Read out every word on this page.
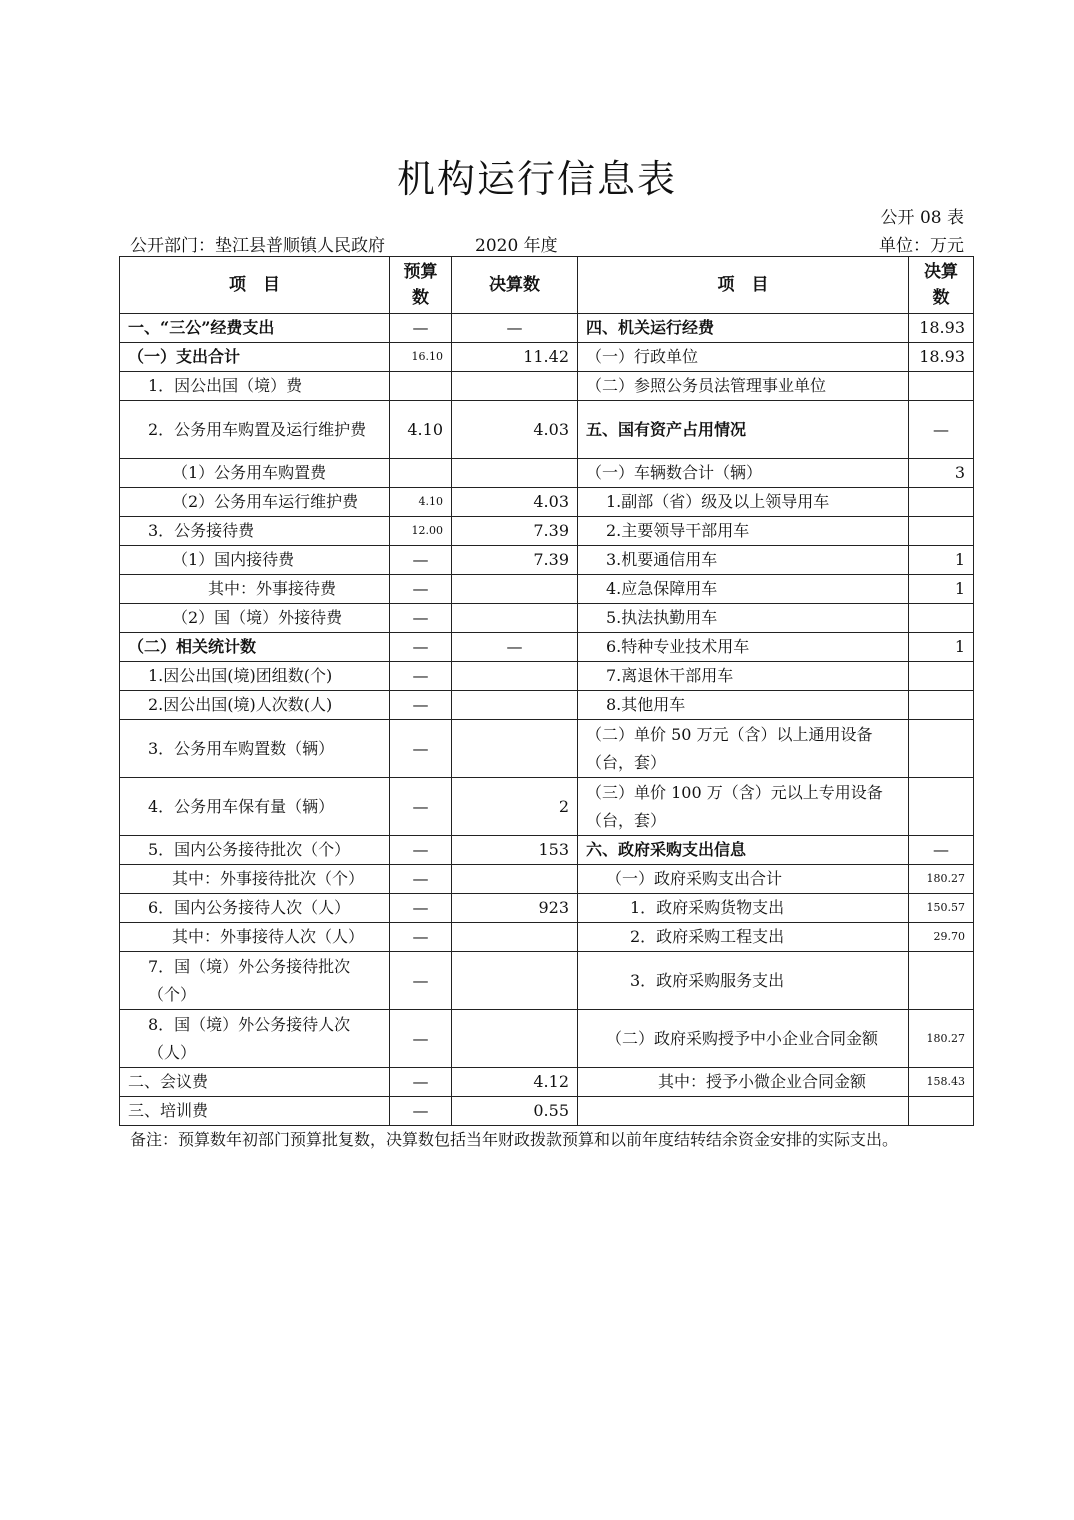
机构运行信息表
公开 08 表
公开部门：垫江县普顺镇人民政府	2020 年度	单位：万元
项　目	预算数	决算数	项　目	决算数
一、“三公”经费支出	—	—	四、机关运行经费	18.93
（一）支出合计	16.10	11.42	（一）行政单位	18.93
1．因公出国（境）费			（二）参照公务员法管理事业单位	
2．公务用车购置及运行维护费	4.10	4.03	五、国有资产占用情况	—
（1）公务用车购置费			（一）车辆数合计（辆）	3
（2）公务用车运行维护费	4.10	4.03	1.副部（省）级及以上领导用车	
3．公务接待费	12.00	7.39	2.主要领导干部用车	
（1）国内接待费	—	7.39	3.机要通信用车	1
其中：外事接待费	—		4.应急保障用车	1
（2）国（境）外接待费	—		5.执法执勤用车	
（二）相关统计数	—	—	6.特种专业技术用车	1
1.因公出国(境)团组数(个)	—		7.离退休干部用车	
2.因公出国(境)人次数(人)	—		8.其他用车	
3．公务用车购置数（辆）	—		（二）单价 50 万元（含）以上通用设备（台，套）	
4．公务用车保有量（辆）	—	2	（三）单价 100 万（含）元以上专用设备（台，套）	
5．国内公务接待批次（个）	—	153	六、政府采购支出信息	—
其中：外事接待批次（个）	—		（一）政府采购支出合计	180.27
6．国内公务接待人次（人）	—	923	1．政府采购货物支出	150.57
其中：外事接待人次（人）	—		2．政府采购工程支出	29.70
7．国（境）外公务接待批次（个）	—		3．政府采购服务支出	
8．国（境）外公务接待人次（人）	—		（二）政府采购授予中小企业合同金额	180.27
二、会议费	—	4.12	其中：授予小微企业合同金额	158.43
三、培训费	—	0.55		
备注：预算数年初部门预算批复数，决算数包括当年财政拨款预算和以前年度结转结余资金安排的实际支出。
